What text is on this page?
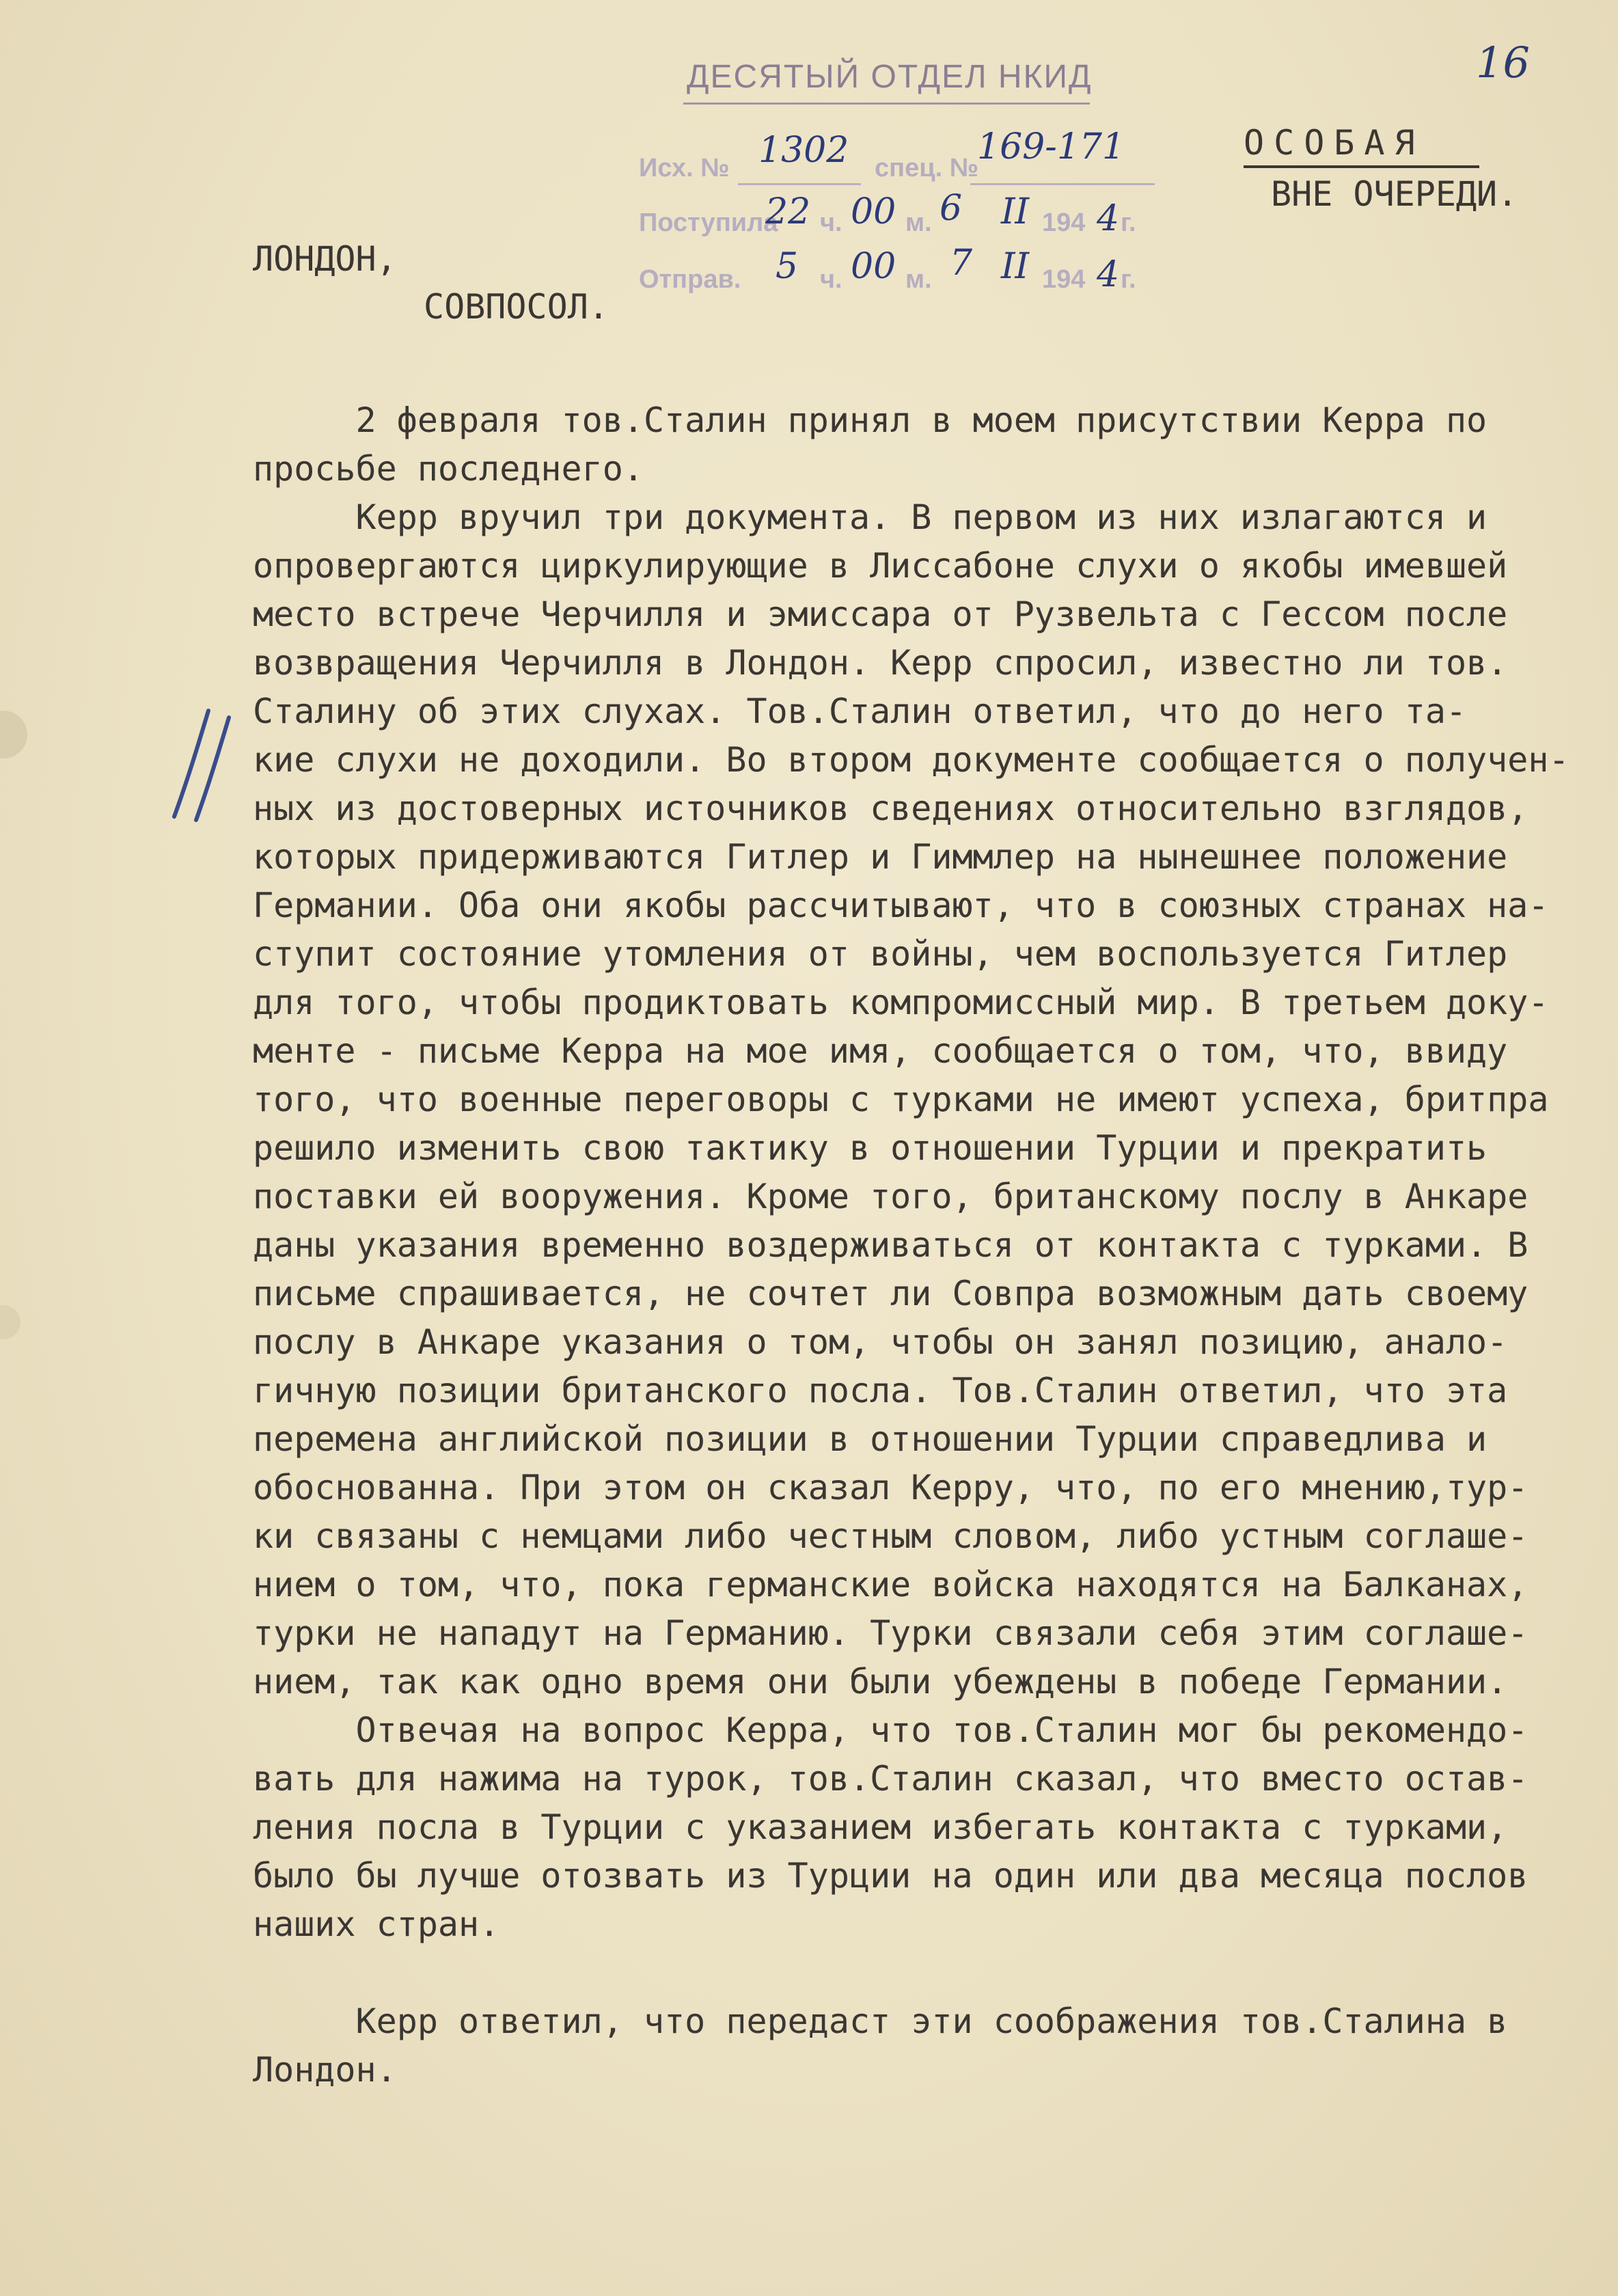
16
ДЕСЯТЫЙ ОТДЕЛ НКИД
Исх. № 1302 спец. №
169-171
Поступила
22 ч. 00 м. 6 II 194 4 г.
Отправ. 5 ч. 00 м. 7 II 194 4 г.
ОСОБАЯ
ВНЕ ОЧЕРЕДИ.
ЛОНДОН,
СОВПОСОЛ.
2 февраля тов.Сталин принял в моем присутствии Керра по
просьбе последнего.
Керр вручил три документа. В первом из них излагаются и
опровергаются циркулирующие в Лиссабоне слухи о якобы имевшей
место встрече Черчилля и эмиссара от Рузвельта с Гессом после
возвращения Черчилля в Лондон. Керр спросил, известно ли тов.
Сталину об этих слухах. Тов.Сталин ответил, что до него та-
кие слухи не доходили. Во втором документе сообщается о получен-
ных из достоверных источников сведениях относительно взглядов,
которых придерживаются Гитлер и Гиммлер на нынешнее положение
Германии. Оба они якобы рассчитывают, что в союзных странах на-
ступит состояние утомления от войны, чем воспользуется Гитлер
для того, чтобы продиктовать компромиссный мир. В третьем доку-
менте - письме Керра на мое имя, сообщается о том, что, ввиду
того, что военные переговоры с турками не имеют успеха, бритпра
решило изменить свою тактику в отношении Турции и прекратить
поставки ей вооружения. Кроме того, британскому послу в Анкаре
даны указания временно воздерживаться от контакта с турками. В
письме спрашивается, не сочтет ли Совпра возможным дать своему
послу в Анкаре указания о том, чтобы он занял позицию, анало-
гичную позиции британского посла. Тов.Сталин ответил, что эта
перемена английской позиции в отношении Турции справедлива и
обоснованна. При этом он сказал Керру, что, по его мнению,тур-
ки связаны с немцами либо честным словом, либо устным соглаше-
нием о том, что, пока германские войска находятся на Балканах,
турки не нападут на Германию. Турки связали себя этим соглаше-
нием, так как одно время они были убеждены в победе Германии.
Отвечая на вопрос Керра, что тов.Сталин мог бы рекомендо-
вать для нажима на турок, тов.Сталин сказал, что вместо остав-
ления посла в Турции с указанием избегать контакта с турками,
было бы лучше отозвать из Турции на один или два месяца послов
наших стран.
Керр ответил, что передаст эти соображения тов.Сталина в
Лондон.
